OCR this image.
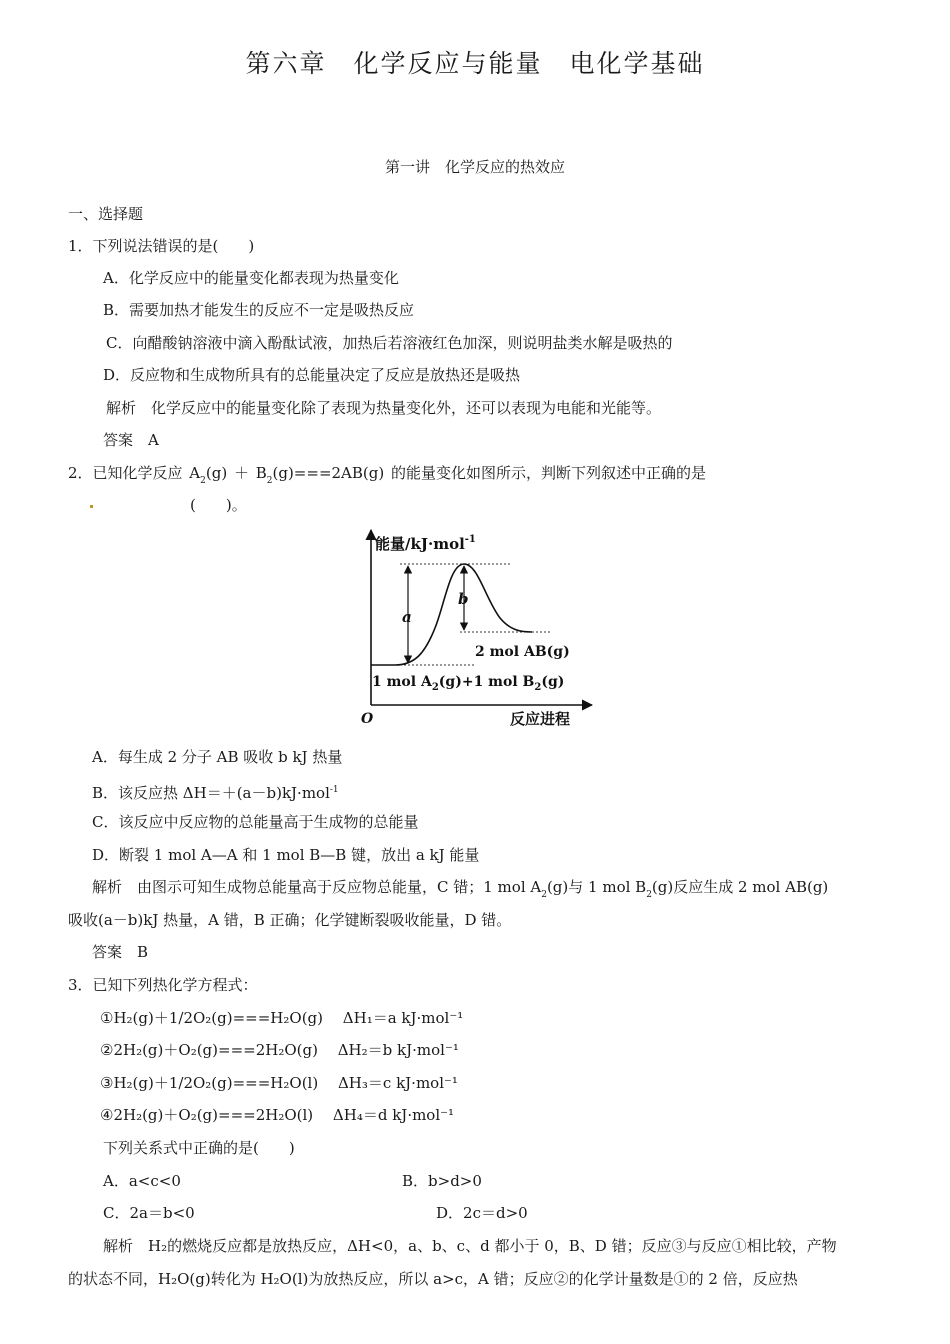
第六章　化学反应与能量　电化学基础
第一讲　化学反应的热效应
一、选择题
1．下列说法错误的是(　　)
A．化学反应中的能量变化都表现为热量变化
B．需要加热才能发生的反应不一定是吸热反应
C．向醋酸钠溶液中滴入酚酞试液，加热后若溶液红色加深，则说明盐类水解是吸热的
D．反应物和生成物所具有的总能量决定了反应是放热还是吸热
解析　化学反应中的能量变化除了表现为热量变化外，还可以表现为电能和光能等。
答案　A
2．已知化学反应 $A_2(g) + B_2(g)===2AB(g)$ 的能量变化如图所示，判断下列叙述中正确的是
(　　)。
能量/kJ·mol$^{-1}$
O	反应进程
a
b
2 mol AB(g)
1 mol $A_2(g)+1$ mol $B_2(g)$
A．每生成 2 分子 AB 吸收 b kJ 热量
B．该反应热 ΔH＝＋(a－b)kJ·mol$^{-1}$
C．该反应中反应物的总能量高于生成物的总能量
D．断裂 1 mol A—A 和 1 mol B—B 键，放出 a kJ 能量
解析　由图示可知生成物总能量高于反应物总能量，C 错；1 mol $A_2(g)$与 1 mol $B_2(g)$反应生成 2 mol AB(g)
吸收(a－b)kJ 热量，A 错，B 正确；化学键断裂吸收能量，D 错。
答案　B
3．已知下列热化学方程式：
①H₂(g)＋1/2O₂(g)===H₂O(g)　 ΔH₁＝a kJ·mol⁻¹
②2H₂(g)＋O₂(g)===2H₂O(g)　 ΔH₂＝b kJ·mol⁻¹
③H₂(g)＋1/2O₂(g)===H₂O(l)　 ΔH₃＝c kJ·mol⁻¹
④2H₂(g)＋O₂(g)===2H₂O(l)　 ΔH₄＝d kJ·mol⁻¹
下列关系式中正确的是(　　)
A．a<c<0	B．b>d>0
C．2a＝b<0	D．2c＝d>0
解析　H₂的燃烧反应都是放热反应，ΔH<0，a、b、c、d 都小于 0，B、D 错；反应③与反应①相比较，产物
的状态不同，H₂O(g)转化为 H₂O(l)为放热反应，所以 a>c，A 错；反应②的化学计量数是①的 2 倍，反应热
